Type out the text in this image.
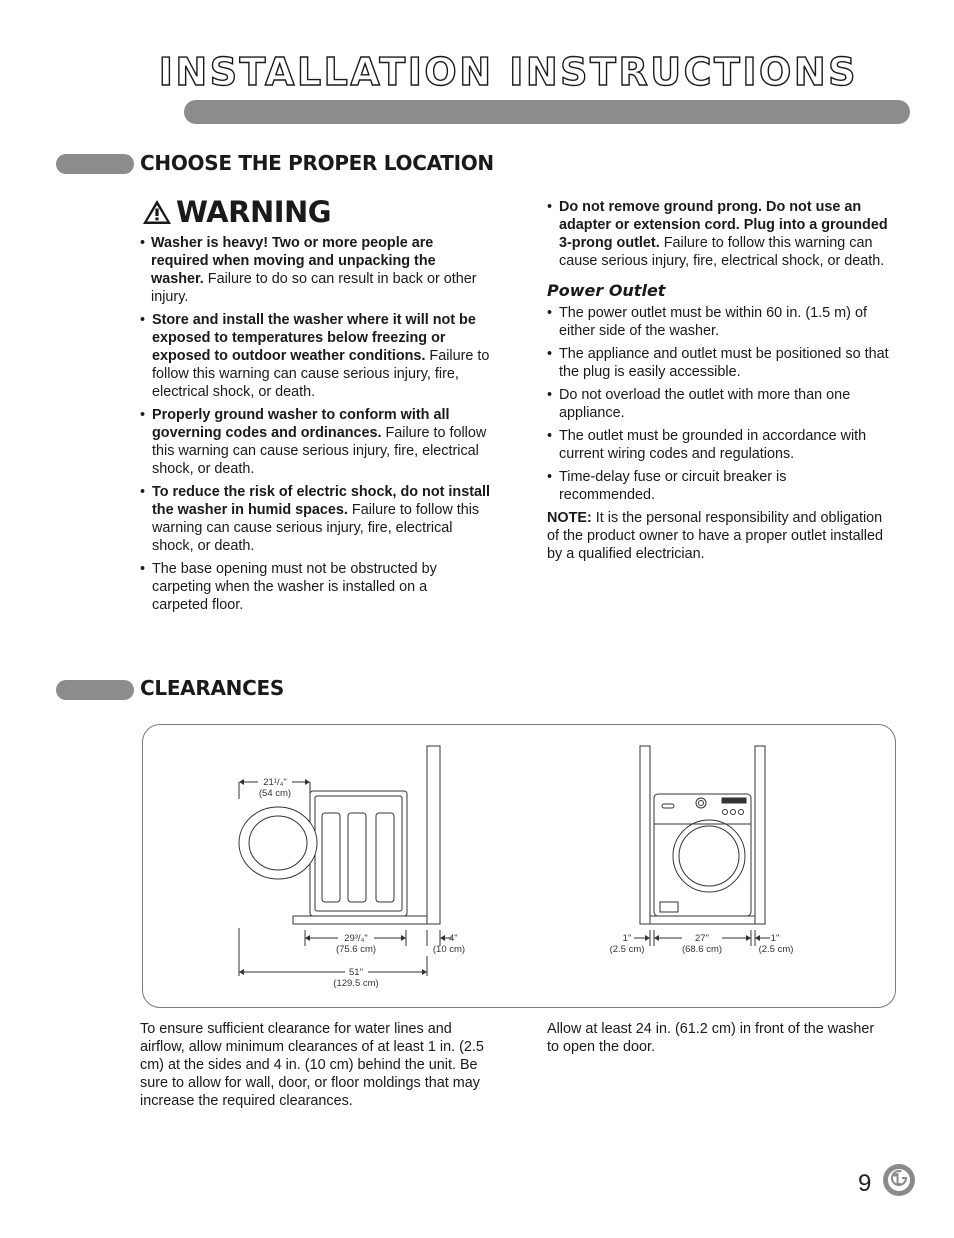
INSTALLATION INSTRUCTIONS
CHOOSE THE PROPER LOCATION
WARNING

• Washer is heavy! Two or more people are required when moving and unpacking the washer. Failure to do so can result in back or other injury.

• Store and install the washer where it will not be exposed to temperatures below freezing or exposed to outdoor weather conditions. Failure to follow this warning can cause serious injury, fire, electrical shock, or death.

• Properly ground washer to conform with all governing codes and ordinances. Failure to follow this warning can cause serious injury, fire, electrical shock, or death.

• To reduce the risk of electric shock, do not install the washer in humid spaces. Failure to follow this warning can cause serious injury, fire, electrical shock, or death.

• The base opening must not be obstructed by carpeting when the washer is installed on a carpeted floor.

• Do not remove ground prong. Do not use an adapter or extension cord. Plug into a grounded 3-prong outlet. Failure to follow this warning can cause serious injury, fire, electrical shock, or death.

Power Outlet

• The power outlet must be within 60 in. (1.5 m) of either side of the washer.

• The appliance and outlet must be positioned so that the plug is easily accessible.

• Do not overload the outlet with more than one appliance.

• The outlet must be grounded in accordance with current wiring codes and regulations.

• Time-delay fuse or circuit breaker is recommended.

NOTE: It is the personal responsibility and obligation of the product owner to have a proper outlet installed by a qualified electrician.

CLEARANCES
21¹/₄"
(54 cm)
29³/₄"
(75.6 cm)
4"
(10 cm)
51"
(129.5 cm)
1"
(2.5 cm)
27"
(68.6 cm)
1"
(2.5 cm)
To ensure sufficient clearance for water lines and airflow, allow minimum clearances of at least 1 in. (2.5 cm) at the sides and 4 in. (10 cm) behind the unit. Be sure to allow for wall, door, or floor moldings that may increase the required clearances.
Allow at least 24 in. (61.2 cm) in front of the washer to open the door.
9
